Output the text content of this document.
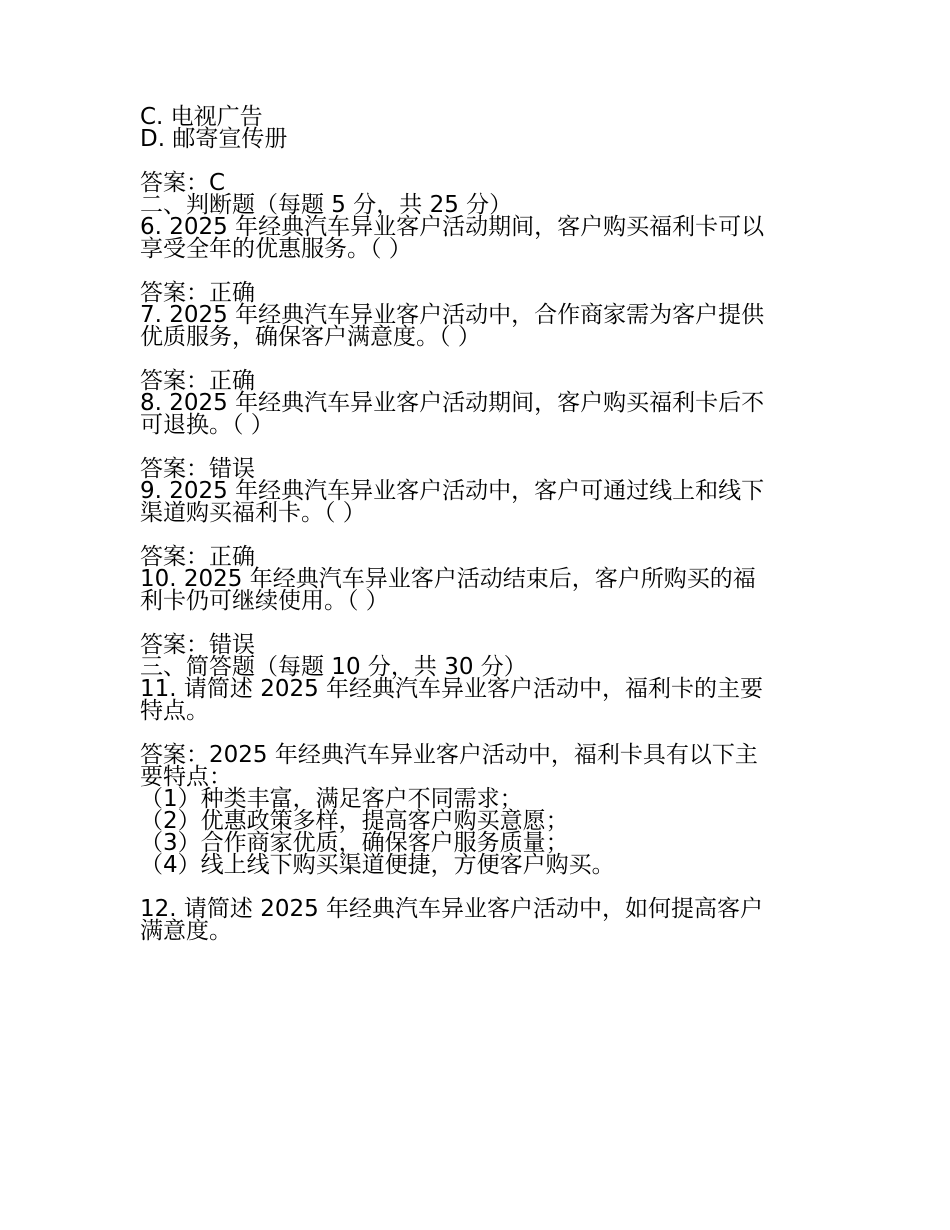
C. 电视广告

D. 邮寄宣传册

答案：C

二、判断题（每题 5 分，共 25 分）

6. 2025 年经典汽车异业客户活动期间，客户购买福利卡可以

享受全年的优惠服务。（ ）

答案：正确

7. 2025 年经典汽车异业客户活动中，合作商家需为客户提供

优质服务，确保客户满意度。（ ）

答案：正确

8. 2025 年经典汽车异业客户活动期间，客户购买福利卡后不

可退换。（ ）

答案：错误

9. 2025 年经典汽车异业客户活动中，客户可通过线上和线下

渠道购买福利卡。（ ）

答案：正确

10. 2025 年经典汽车异业客户活动结束后，客户所购买的福

利卡仍可继续使用。（ ）

答案：错误

三、简答题（每题 10 分，共 30 分）

11. 请简述 2025 年经典汽车异业客户活动中，福利卡的主要

特点。

答案：2025 年经典汽车异业客户活动中，福利卡具有以下主

要特点：

（1）种类丰富，满足客户不同需求；

（2）优惠政策多样，提高客户购买意愿；

（3）合作商家优质，确保客户服务质量；

（4）线上线下购买渠道便捷，方便客户购买。

12. 请简述 2025 年经典汽车异业客户活动中，如何提高客户

满意度。
